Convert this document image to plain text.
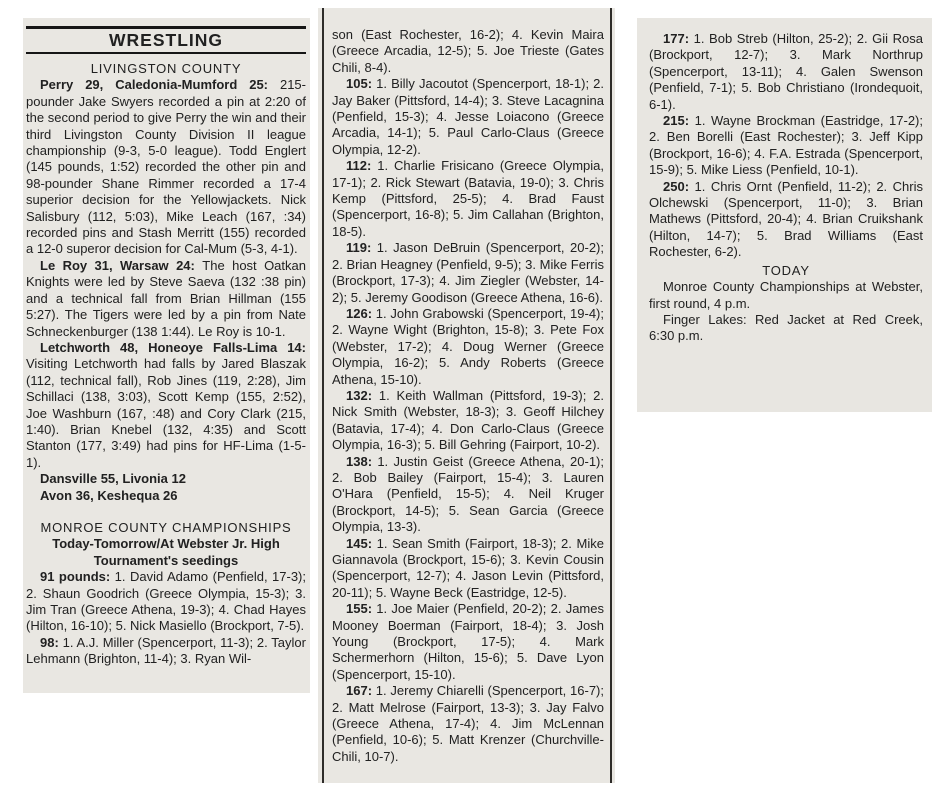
WRESTLING

LIVINGSTON COUNTY

Perry 29, Caledonia-Mumford 25: 215-pounder Jake Swyers recorded a pin at 2:20 of the second period to give Perry the win and their third Livingston County Division II league championship (9-3, 5-0 league). Todd Englert (145 pounds, 1:52) recorded the other pin and 98-pounder Shane Rimmer recorded a 17-4 superior decision for the Yellowjackets. Nick Salisbury (112, 5:03), Mike Leach (167, :34) recorded pins and Stash Merritt (155) recorded a 12-0 superor decision for Cal-Mum (5-3, 4-1).

Le Roy 31, Warsaw 24: The host Oatkan Knights were led by Steve Saeva (132 :38 pin) and a technical fall from Brian Hillman (155 5:27). The Tigers were led by a pin from Nate Schneckenburger (138 1:44). Le Roy is 10-1.

Letchworth 48, Honeoye Falls-Lima 14: Visiting Letchworth had falls by Jared Blaszak (112, technical fall), Rob Jines (119, 2:28), Jim Schillaci (138, 3:03), Scott Kemp (155, 2:52), Joe Washburn (167, :48) and Cory Clark (215, 1:40). Brian Knebel (132, 4:35) and Scott Stanton (177, 3:49) had pins for HF-Lima (1-5-1).

Dansville 55, Livonia 12

Avon 36, Keshequa 26

MONROE COUNTY CHAMPIONSHIPS

Today-Tomorrow/At Webster Jr. High

Tournament's seedings

91 pounds: 1. David Adamo (Penfield, 17-3); 2. Shaun Goodrich (Greece Olympia, 15-3); 3. Jim Tran (Greece Athena, 19-3); 4. Chad Hayes (Hilton, 16-10); 5. Nick Masiello (Brockport, 7-5).

98: 1. A.J. Miller (Spencerport, 11-3); 2. Taylor Lehmann (Brighton, 11-4); 3. Ryan Wil-

son (East Rochester, 16-2); 4. Kevin Maira (Greece Arcadia, 12-5); 5. Joe Trieste (Gates Chili, 8-4).

105: 1. Billy Jacoutot (Spencerport, 18-1); 2. Jay Baker (Pittsford, 14-4); 3. Steve Lacagnina (Penfield, 15-3); 4. Jesse Loiacono (Greece Arcadia, 14-1); 5. Paul Carlo-Claus (Greece Olympia, 12-2).

112: 1. Charlie Frisicano (Greece Olympia, 17-1); 2. Rick Stewart (Batavia, 19-0); 3. Chris Kemp (Pittsford, 25-5); 4. Brad Faust (Spencerport, 16-8); 5. Jim Callahan (Brighton, 18-5).

119: 1. Jason DeBruin (Spencerport, 20-2); 2. Brian Heagney (Penfield, 9-5); 3. Mike Ferris (Brockport, 17-3); 4. Jim Ziegler (Webster, 14-2); 5. Jeremy Goodison (Greece Athena, 16-6).

126: 1. John Grabowski (Spencerport, 19-4); 2. Wayne Wight (Brighton, 15-8); 3. Pete Fox (Webster, 17-2); 4. Doug Werner (Greece Olympia, 16-2); 5. Andy Roberts (Greece Athena, 15-10).

132: 1. Keith Wallman (Pittsford, 19-3); 2. Nick Smith (Webster, 18-3); 3. Geoff Hilchey (Batavia, 17-4); 4. Don Carlo-Claus (Greece Olympia, 16-3); 5. Bill Gehring (Fairport, 10-2).

138: 1. Justin Geist (Greece Athena, 20-1); 2. Bob Bailey (Fairport, 15-4); 3. Lauren O'Hara (Penfield, 15-5); 4. Neil Kruger (Brockport, 14-5); 5. Sean Garcia (Greece Olympia, 13-3).

145: 1. Sean Smith (Fairport, 18-3); 2. Mike Giannavola (Brockport, 15-6); 3. Kevin Cousin (Spencerport, 12-7); 4. Jason Levin (Pittsford, 20-11); 5. Wayne Beck (Eastridge, 12-5).

155: 1. Joe Maier (Penfield, 20-2); 2. James Mooney Boerman (Fairport, 18-4); 3. Josh Young (Brockport, 17-5); 4. Mark Schermerhorn (Hilton, 15-6); 5. Dave Lyon (Spencerport, 15-10).

167: 1. Jeremy Chiarelli (Spencerport, 16-7); 2. Matt Melrose (Fairport, 13-3); 3. Jay Falvo (Greece Athena, 17-4); 4. Jim McLennan (Penfield, 10-6); 5. Matt Krenzer (Churchville-Chili, 10-7).

177: 1. Bob Streb (Hilton, 25-2); 2. Gii Rosa (Brockport, 12-7); 3. Mark Northrup (Spencerport, 13-11); 4. Galen Swenson (Penfield, 7-1); 5. Bob Christiano (Irondequoit, 6-1).

215: 1. Wayne Brockman (Eastridge, 17-2); 2. Ben Borelli (East Rochester); 3. Jeff Kipp (Brockport, 16-6); 4. F.A. Estrada (Spencerport, 15-9); 5. Mike Liess (Penfield, 10-1).

250: 1. Chris Ornt (Penfield, 11-2); 2. Chris Olchewski (Spencerport, 11-0); 3. Brian Mathews (Pittsford, 20-4); 4. Brian Cruikshank (Hilton, 14-7); 5. Brad Williams (East Rochester, 6-2).

TODAY

Monroe County Championships at Webster, first round, 4 p.m.

Finger Lakes: Red Jacket at Red Creek, 6:30 p.m.
